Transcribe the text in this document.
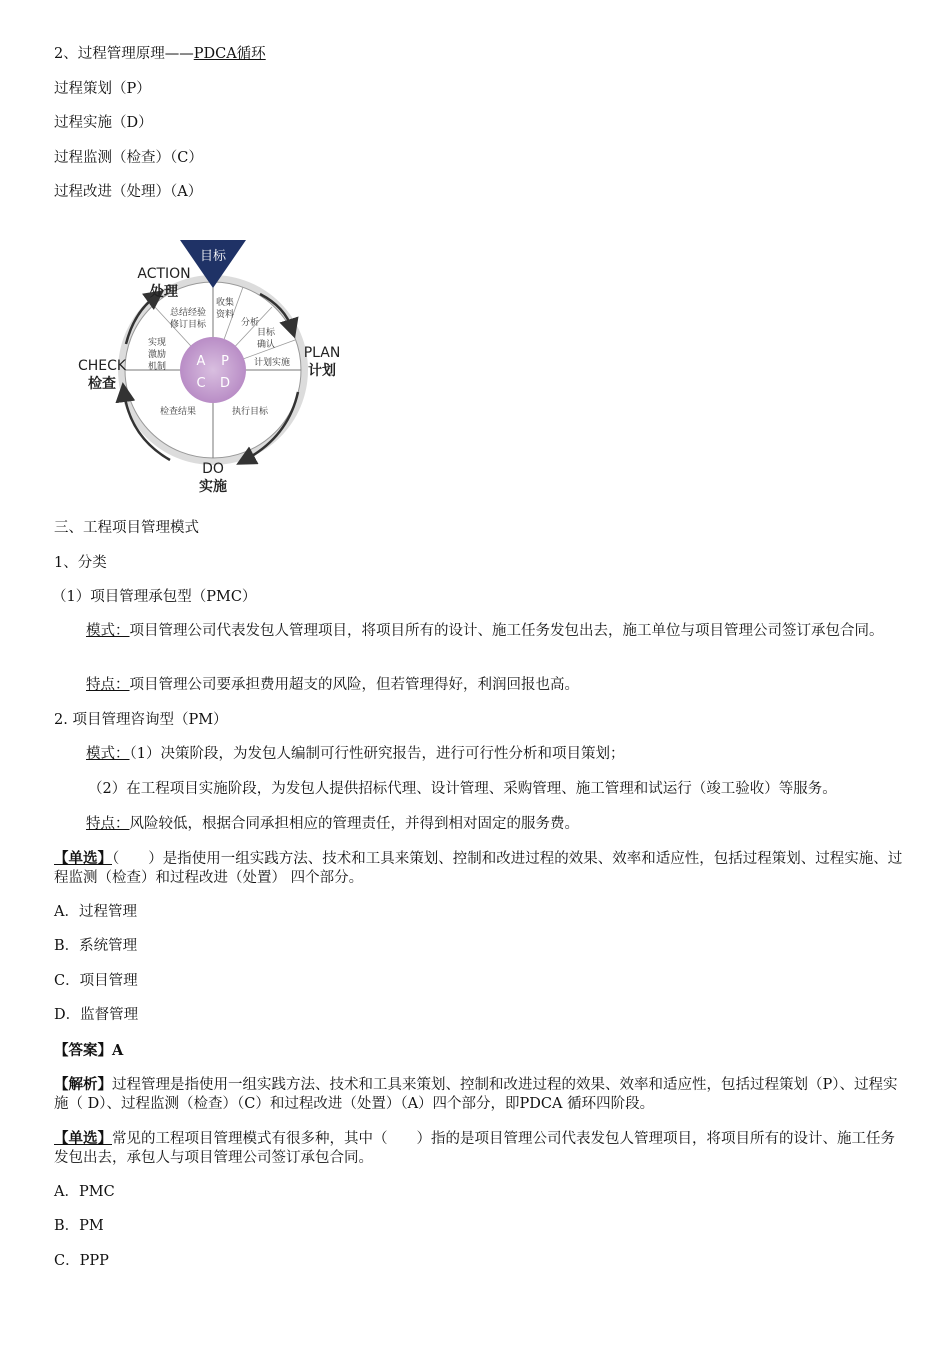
2、过程管理原理——PDCA循环
过程策划（P）
过程实施（D）
过程监测（检查）（C）
过程改进（处理）（A）
A P
C D
目标
ACTION
处理
PLAN
计划
CHECK
检查
DO
实施
总结经验
修订目标
收集
资料
分析
目标
确认
计划实施
实现
激励
机制
检查结果	执行目标
三、工程项目管理模式
1、分类
（1）项目管理承包型（PMC）
模式：项目管理公司代表发包人管理项目，将项目所有的设计、施工任务发包出去，施工单位与项目管理公司签订承包合同。
特点：项目管理公司要承担费用超支的风险，但若管理得好，利润回报也高。
2. 项目管理咨询型（PM）
模式：（1）决策阶段，为发包人编制可行性研究报告，进行可行性分析和项目策划；
（2）在工程项目实施阶段，为发包人提供招标代理、设计管理、采购管理、施工管理和试运行（竣工验收）等服务。
特点：风险较低，根据合同承担相应的管理责任，并得到相对固定的服务费。
【单选】（　　）是指使用一组实践方法、技术和工具来策划、控制和改进过程的效果、效率和适应性，包括过程策划、过程实施、过程监测（检查）和过程改进（处置） 四个部分。
A．过程管理
B．系统管理
C．项目管理
D．监督管理
【答案】A
【解析】过程管理是指使用一组实践方法、技术和工具来策划、控制和改进过程的效果、效率和适应性，包括过程策划（P）、过程实施（ D）、过程监测（检查）（C）和过程改进（处置）（A）四个部分，即PDCA 循环四阶段。
【单选】常见的工程项目管理模式有很多种，其中（　　）指的是项目管理公司代表发包人管理项目，将项目所有的设计、施工任务发包出去，承包人与项目管理公司签订承包合同。
A．PMC
B．PM
C．PPP
